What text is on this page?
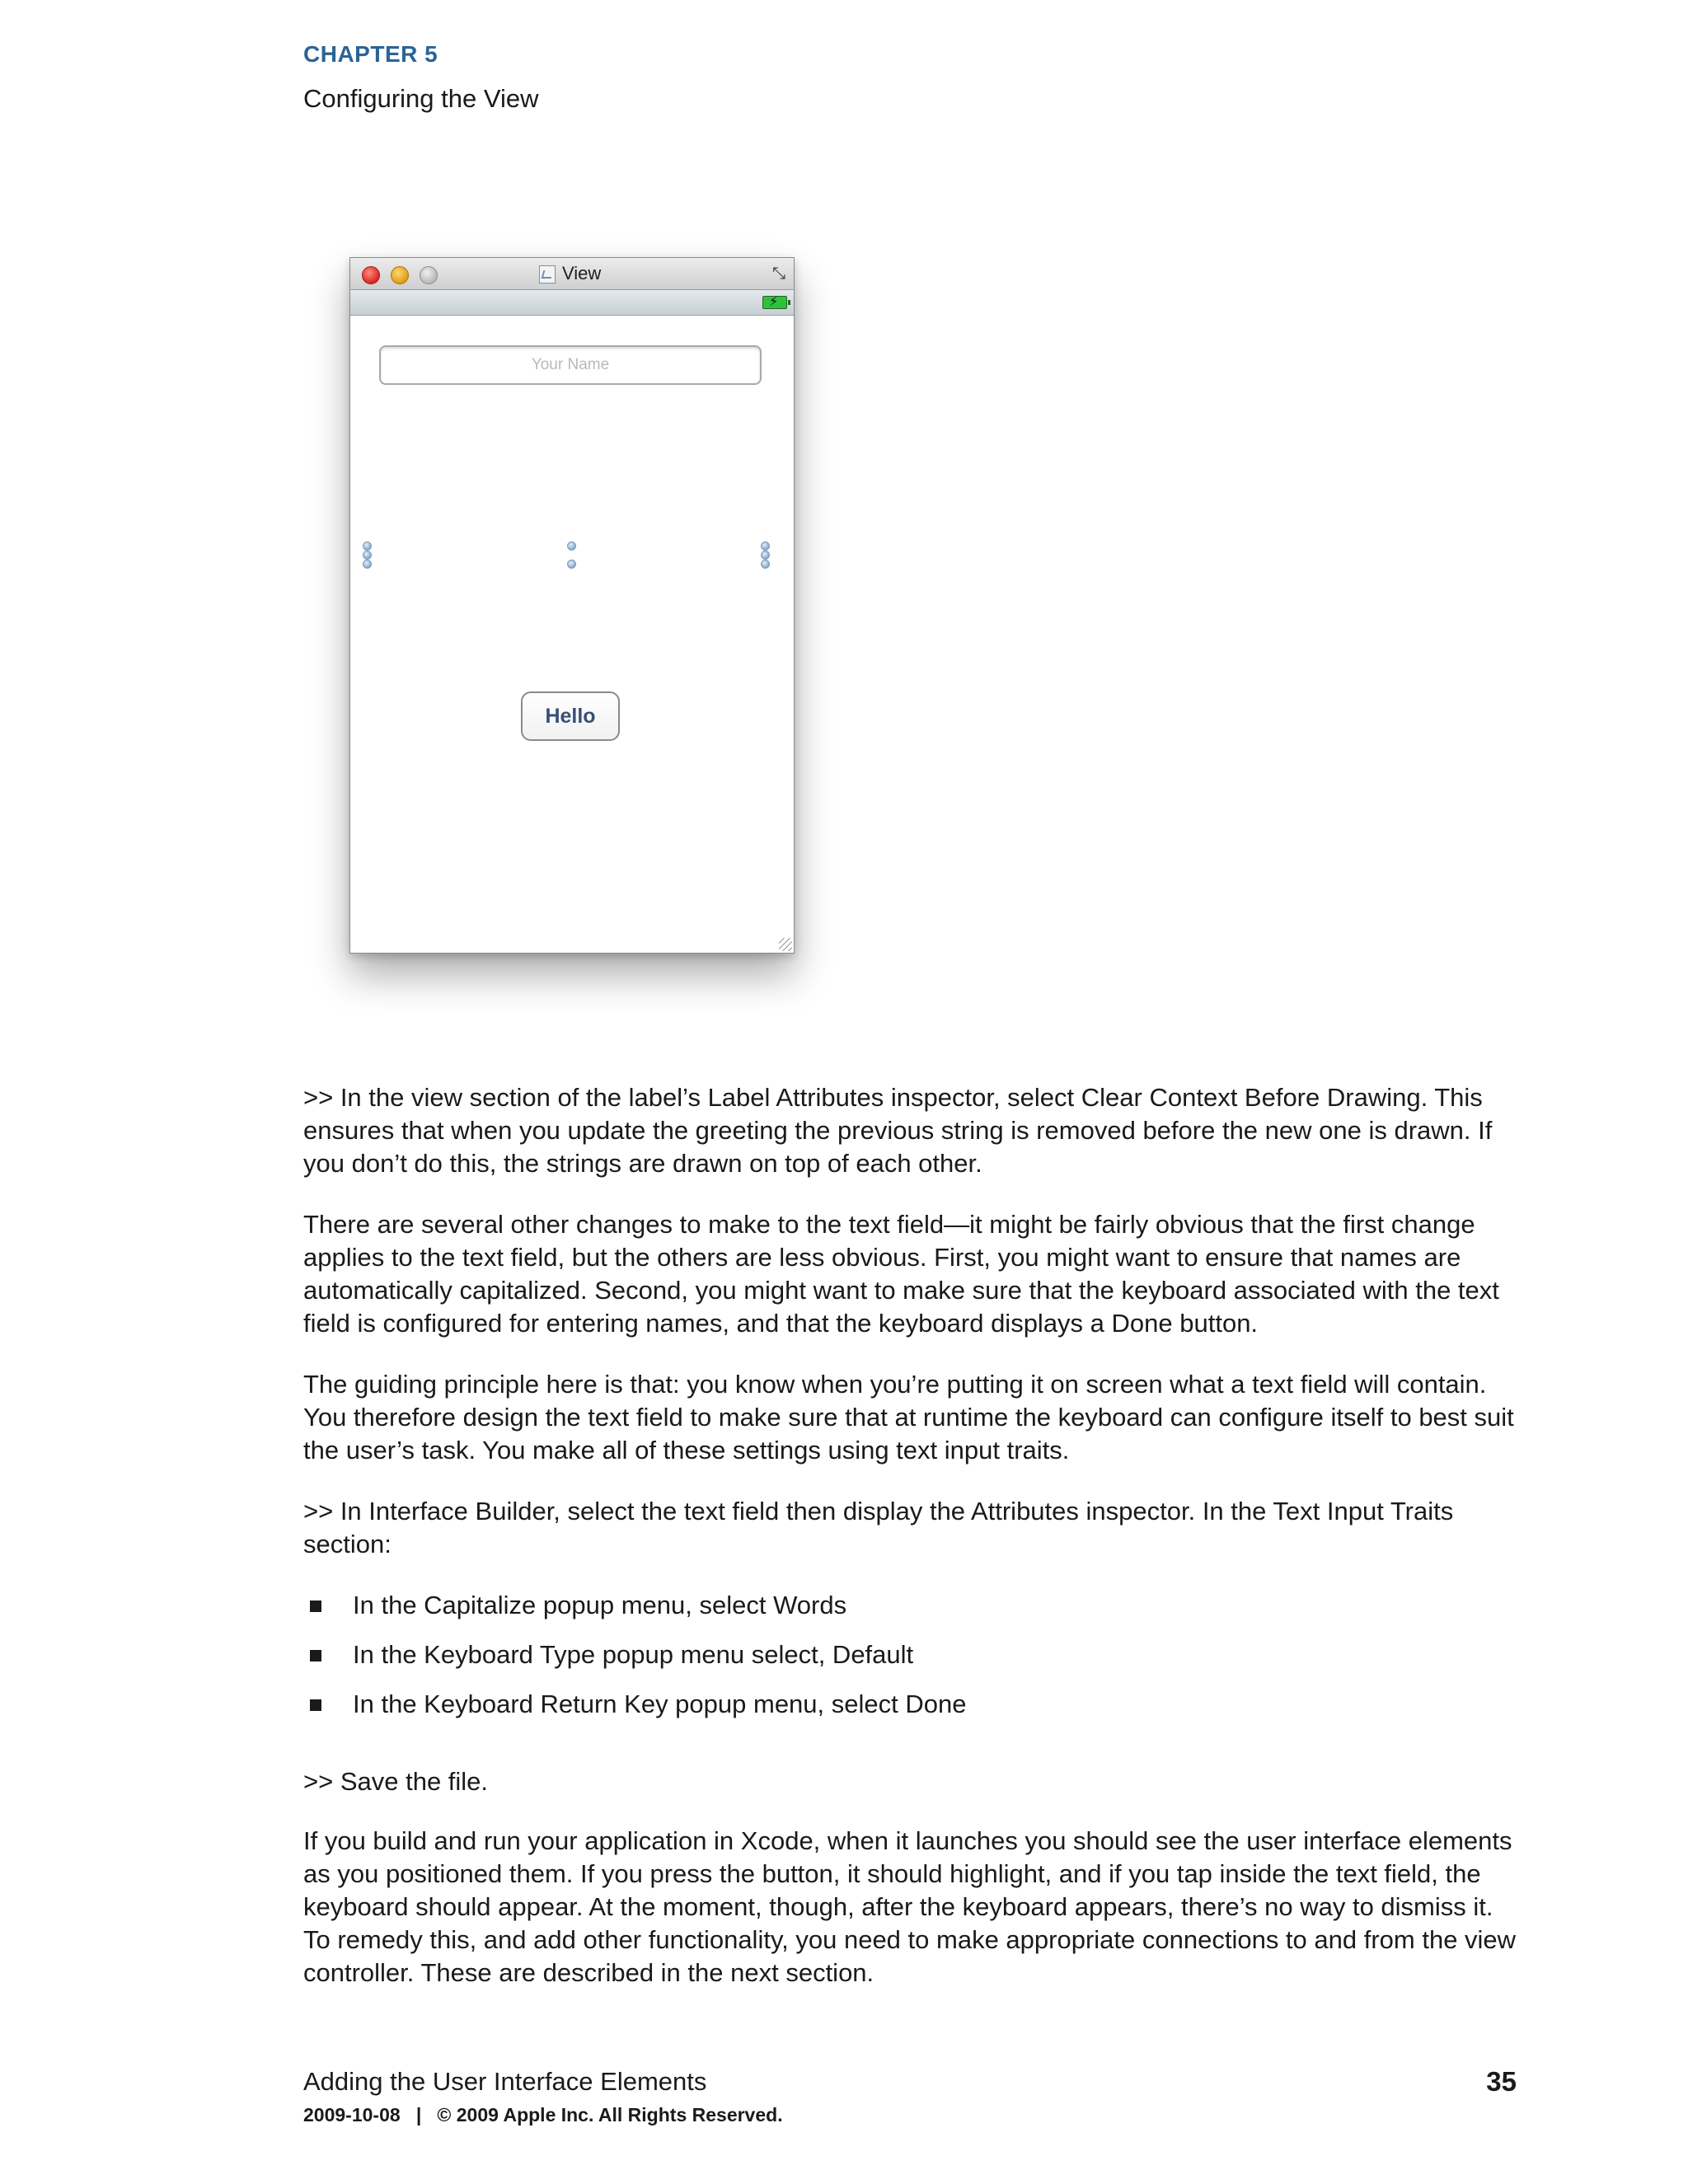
CHAPTER 5
Configuring the View
View	⤡
⚡
Your Name
Hello

>> In the view section of the label’s Label Attributes inspector, select Clear Context Before Drawing. This ensures that when you update the greeting the previous string is removed before the new one is drawn. If you don’t do this, the strings are drawn on top of each other.

There are several other changes to make to the text field—it might be fairly obvious that the first change applies to the text field, but the others are less obvious. First, you might want to ensure that names are automatically capitalized. Second, you might want to make sure that the keyboard associated with the text field is configured for entering names, and that the keyboard displays a Done button.

The guiding principle here is that: you know when you’re putting it on screen what a text field will contain. You therefore design the text field to make sure that at runtime the keyboard can configure itself to best suit the user’s task. You make all of these settings using text input traits.

>> In Interface Builder, select the text field then display the Attributes inspector. In the Text Input Traits section:

In the Capitalize popup menu, select Words
In the Keyboard Type popup menu select, Default
In the Keyboard Return Key popup menu, select Done

>> Save the file.

If you build and run your application in Xcode, when it launches you should see the user interface elements as you positioned them. If you press the button, it should highlight, and if you tap inside the text field, the keyboard should appear. At the moment, though, after the keyboard appears, there’s no way to dismiss it. To remedy this, and add other functionality, you need to make appropriate connections to and from the view controller. These are described in the next section.

Adding the User Interface Elements	35
2009-10-08   |   © 2009 Apple Inc. All Rights Reserved.
